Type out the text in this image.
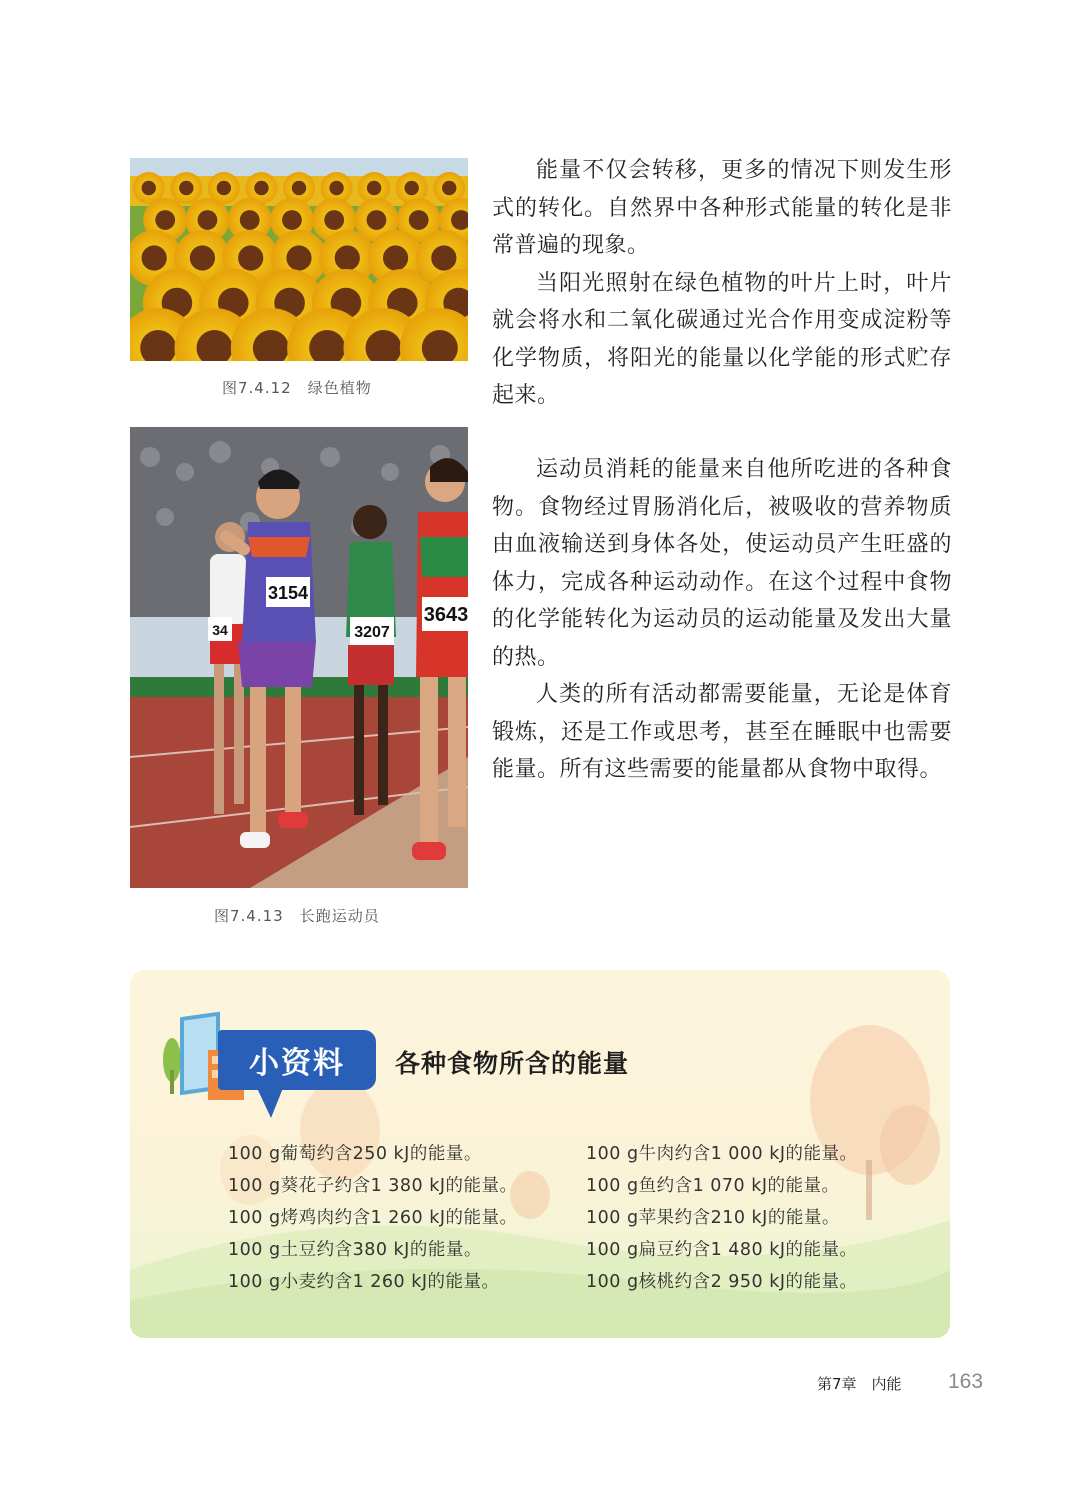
图7.4.12　绿色植物
3154
3207
3643
34
图7.4.13　长跑运动员

能量不仅会转移，更多的情况下则发生形式的转化。自然界中各种形式能量的转化是非常普遍的现象。

当阳光照射在绿色植物的叶片上时，叶片就会将水和二氧化碳通过光合作用变成淀粉等化学物质，将阳光的能量以化学能的形式贮存起来。

运动员消耗的能量来自他所吃进的各种食物。食物经过胃肠消化后，被吸收的营养物质由血液输送到身体各处，使运动员产生旺盛的体力，完成各种运动动作。在这个过程中食物的化学能转化为运动员的运动能量及发出大量的热。

人类的所有活动都需要能量，无论是体育锻炼，还是工作或思考，甚至在睡眠中也需要能量。所有这些需要的能量都从食物中取得。

小资料	各种食物所含的能量
100 g葡萄约含250 kJ的能量。
100 g葵花子约含1 380 kJ的能量。
100 g烤鸡肉约含1 260 kJ的能量。
100 g土豆约含380 kJ的能量。
100 g小麦约含1 260 kJ的能量。
100 g牛肉约含1 000 kJ的能量。
100 g鱼约含1 070 kJ的能量。
100 g苹果约含210 kJ的能量。
100 g扁豆约含1 480 kJ的能量。
100 g核桃约含2 950 kJ的能量。
第7章　内能 163
